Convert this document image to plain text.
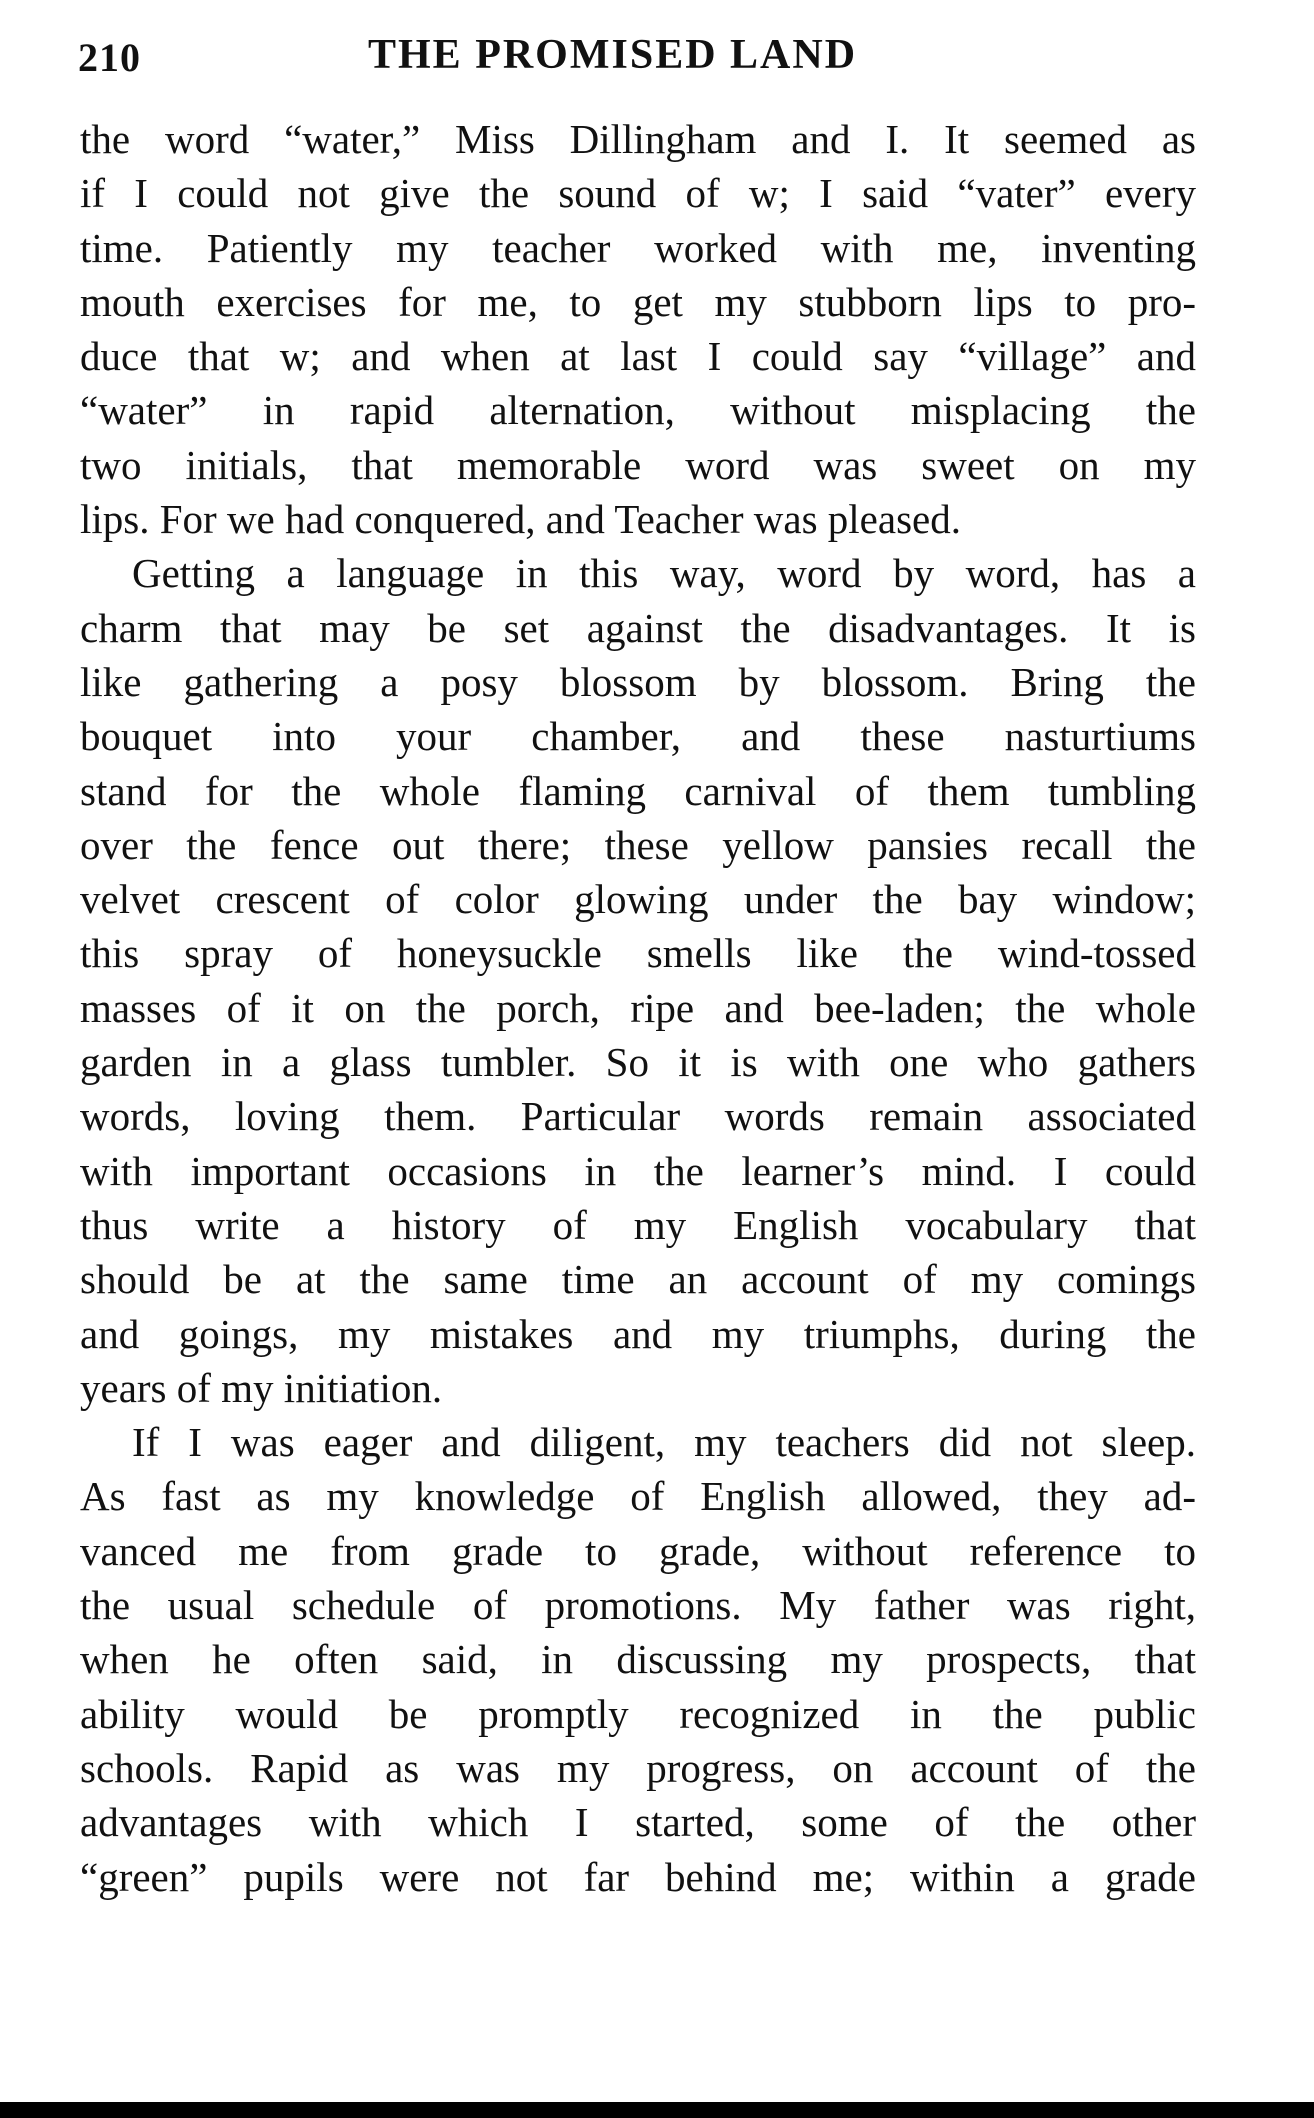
210	THE PROMISED LAND
the word “water,” Miss Dillingham and I. It seemed as
if I could not give the sound of w; I said “vater” every
time. Patiently my teacher worked with me, inventing
mouth exercises for me, to get my stubborn lips to pro-
duce that w; and when at last I could say “village” and
“water” in rapid alternation, without misplacing the
two initials, that memorable word was sweet on my
lips. For we had conquered, and Teacher was pleased.
Getting a language in this way, word by word, has a
charm that may be set against the disadvantages. It is
like gathering a posy blossom by blossom. Bring the
bouquet into your chamber, and these nasturtiums
stand for the whole flaming carnival of them tumbling
over the fence out there; these yellow pansies recall the
velvet crescent of color glowing under the bay window;
this spray of honeysuckle smells like the wind-tossed
masses of it on the porch, ripe and bee-laden; the whole
garden in a glass tumbler. So it is with one who gathers
words, loving them. Particular words remain associated
with important occasions in the learner’s mind. I could
thus write a history of my English vocabulary that
should be at the same time an account of my comings
and goings, my mistakes and my triumphs, during the
years of my initiation.
If I was eager and diligent, my teachers did not sleep.
As fast as my knowledge of English allowed, they ad-
vanced me from grade to grade, without reference to
the usual schedule of promotions. My father was right,
when he often said, in discussing my prospects, that
ability would be promptly recognized in the public
schools. Rapid as was my progress, on account of the
advantages with which I started, some of the other
“green” pupils were not far behind me; within a grade
